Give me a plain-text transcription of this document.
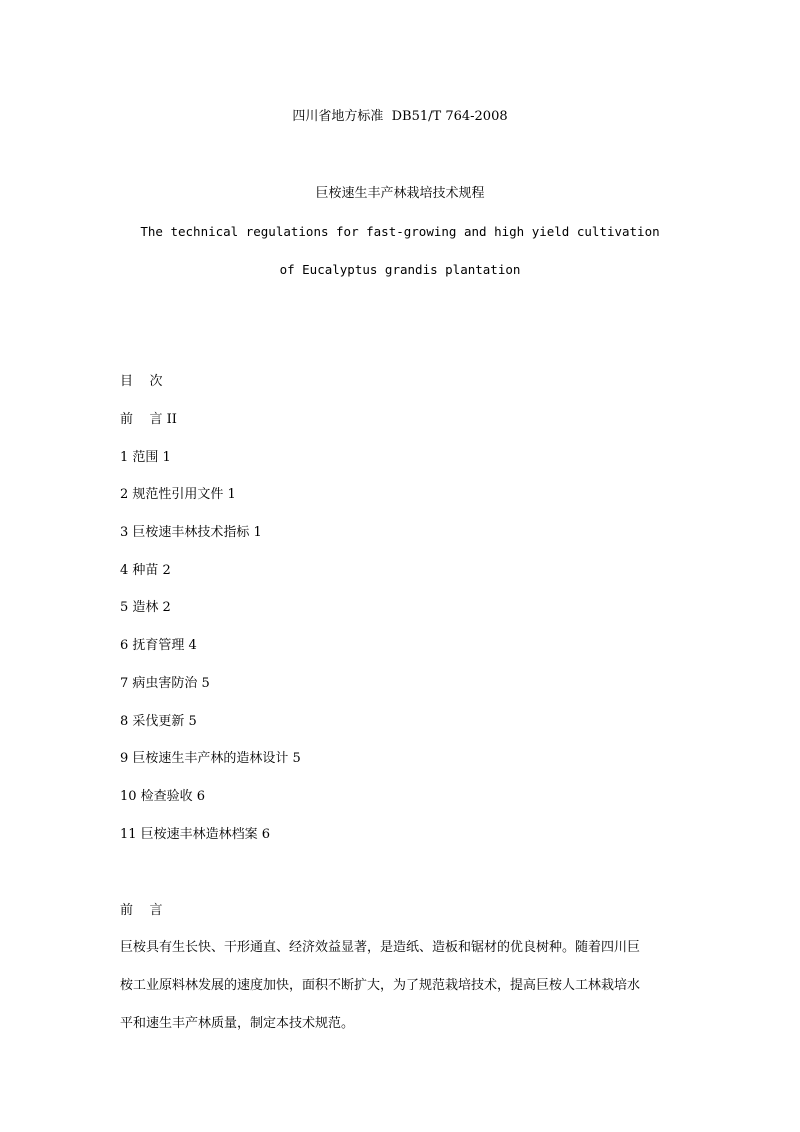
四川省地方标准  DB51/T 764-2008
巨桉速生丰产林栽培技术规程
The technical regulations for fast-growing and high yield cultivation
of Eucalyptus grandis plantation
目    次
前    言 II
1 范围 1
2 规范性引用文件 1
3 巨桉速丰林技术指标 1
4 种苗 2
5 造林 2
6 抚育管理 4
7 病虫害防治 5
8 采伐更新 5
9 巨桉速生丰产林的造林设计 5
10 检查验收 6
11 巨桉速丰林造林档案 6
前    言
巨桉具有生长快、干形通直、经济效益显著，是造纸、造板和锯材的优良树种。随着四川巨
桉工业原料林发展的速度加快，面积不断扩大，为了规范栽培技术，提高巨桉人工林栽培水
平和速生丰产林质量，制定本技术规范。
